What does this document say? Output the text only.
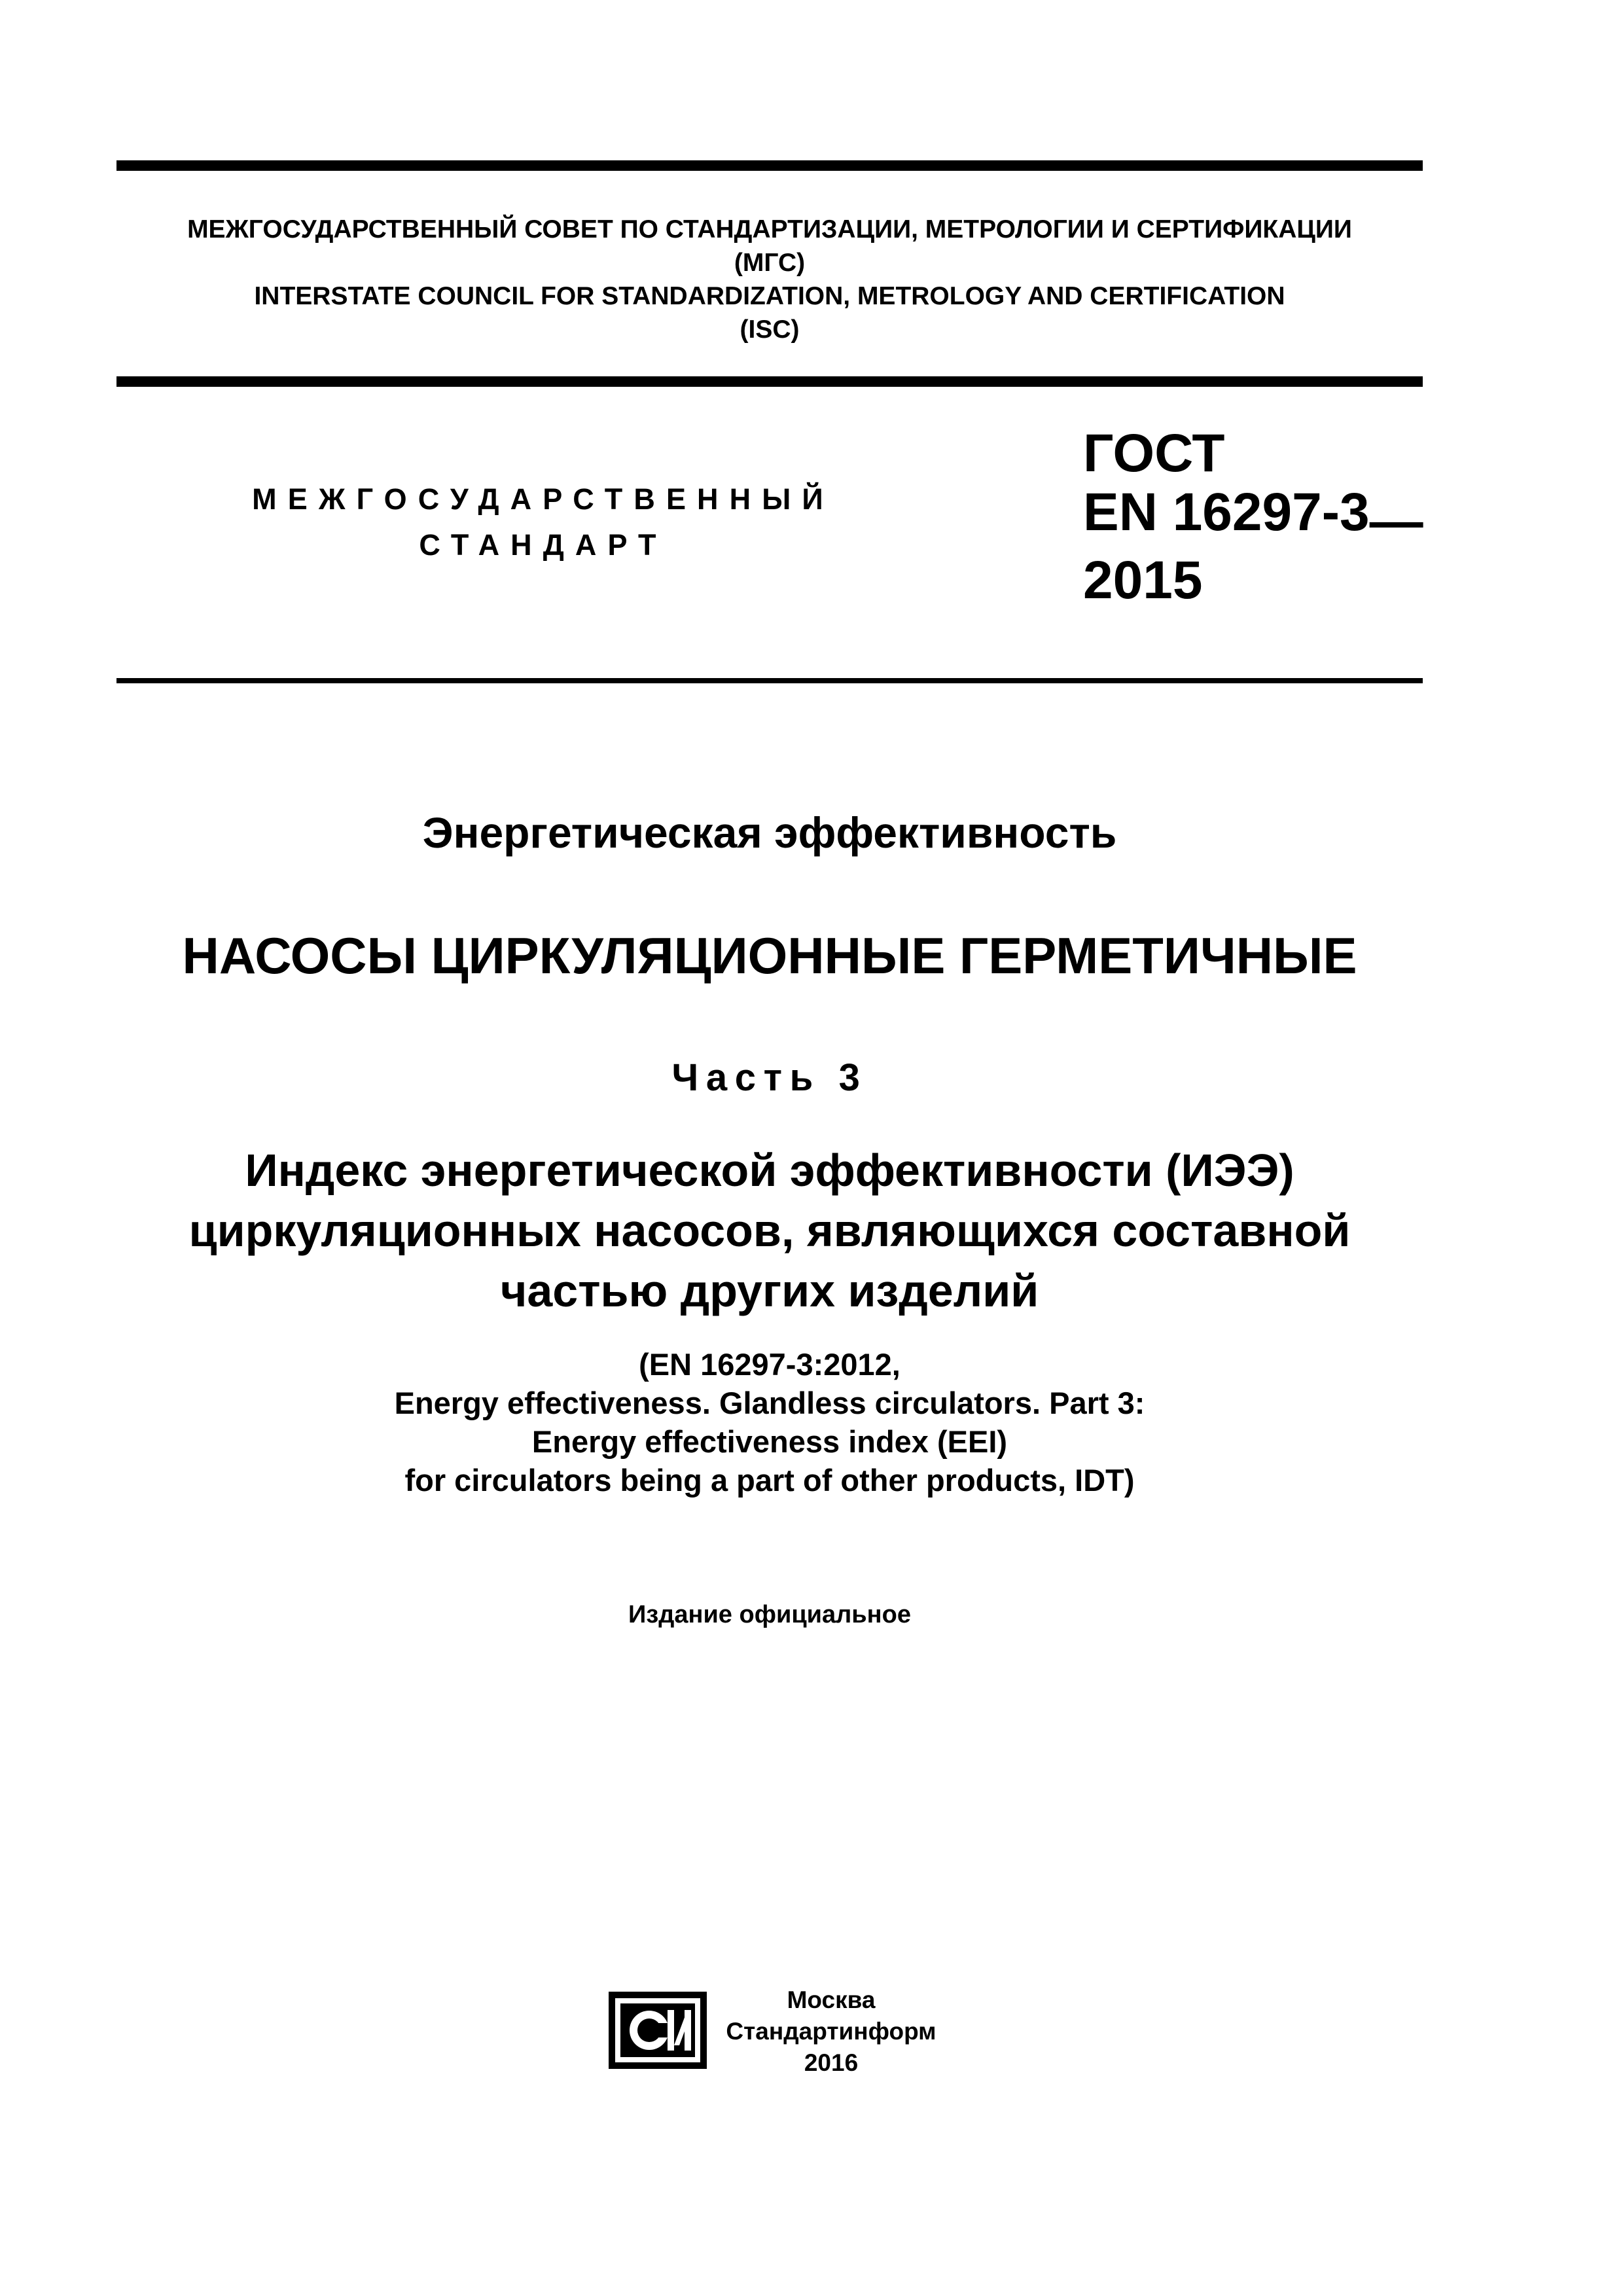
МЕЖГОСУДАРСТВЕННЫЙ СОВЕТ ПО СТАНДАРТИЗАЦИИ, МЕТРОЛОГИИ И СЕРТИФИКАЦИИ
(МГС)
INTERSTATE COUNCIL FOR STANDARDIZATION, METROLOGY AND CERTIFICATION
(ISC)
МЕЖГОСУДАРСТВЕННЫЙ
СТАНДАРТ
ГОСТ
EN 16297-3—
2015
Энергетическая эффективность
НАСОСЫ ЦИРКУЛЯЦИОННЫЕ ГЕРМЕТИЧНЫЕ
Часть 3
Индекс энергетической эффективности (ИЭЭ)
циркуляционных насосов, являющихся составной
частью других изделий
(EN 16297-3:2012,
Energy effectiveness. Glandless circulators. Part 3:
Energy effectiveness index (EEI)
for circulators being a part of other products, IDT)
Издание официальное
Москва
Стандартинформ
2016
